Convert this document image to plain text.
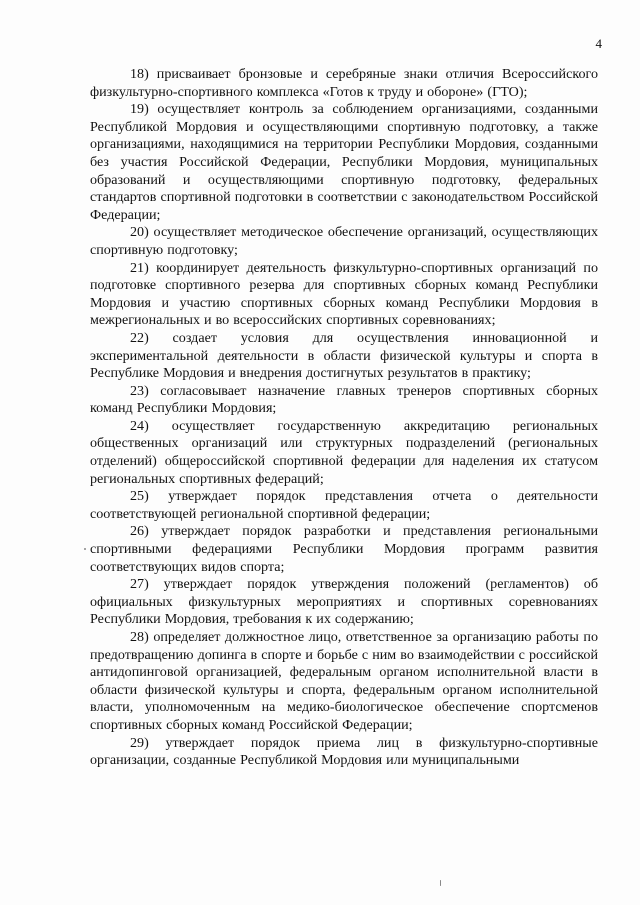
4

18) присваивает бронзовые и серебряные знаки отличия Всероссийского физкультурно-спортивного комплекса «Готов к труду и обороне» (ГТО);

19) осуществляет контроль за соблюдением организациями, созданными Республикой Мордовия и осуществляющими спортивную подготовку, а также организациями, находящимися на территории Республики Мордовия, созданными без участия Российской Федерации, Республики Мордовия, муниципальных образований и осуществляющими спортивную подготовку, федеральных стандартов спортивной подготовки в соответствии с законодательством Российской Федерации;

20) осуществляет методическое обеспечение организаций, осуществляющих спортивную подготовку;

21) координирует деятельность физкультурно-спортивных организаций по подготовке спортивного резерва для спортивных сборных команд Республики Мордовия и участию спортивных сборных команд Республики Мордовия в межрегиональных и во всероссийских спортивных соревнованиях;

22) создает условия для осуществления инновационной и экспериментальной деятельности в области физической культуры и спорта в Республике Мордовия и внедрения достигнутых результатов в практику;

23) согласовывает назначение главных тренеров спортивных сборных команд Республики Мордовия;

24) осуществляет государственную аккредитацию региональных общественных организаций или структурных подразделений (региональных отделений) общероссийской спортивной федерации для наделения их статусом региональных спортивных федераций;

25) утверждает порядок представления отчета о деятельности соответствующей региональной спортивной федерации;

26) утверждает порядок разработки и представления региональными спортивными федерациями Республики Мордовия программ развития соответствующих видов спорта;

27) утверждает порядок утверждения положений (регламентов) об официальных физкультурных мероприятиях и спортивных соревнованиях Республики Мордовия, требования к их содержанию;

28) определяет должностное лицо, ответственное за организацию работы по предотвращению допинга в спорте и борьбе с ним во взаимодействии с российской антидопинговой организацией, федеральным органом исполнительной власти в области физической культуры и спорта, федеральным органом исполнительной власти, уполномоченным на медико-биологическое обеспечение спортсменов спортивных сборных команд Российской Федерации;

29) утверждает порядок приема лиц в физкультурно-спортивные организации, созданные Республикой Мордовия или муниципальными
